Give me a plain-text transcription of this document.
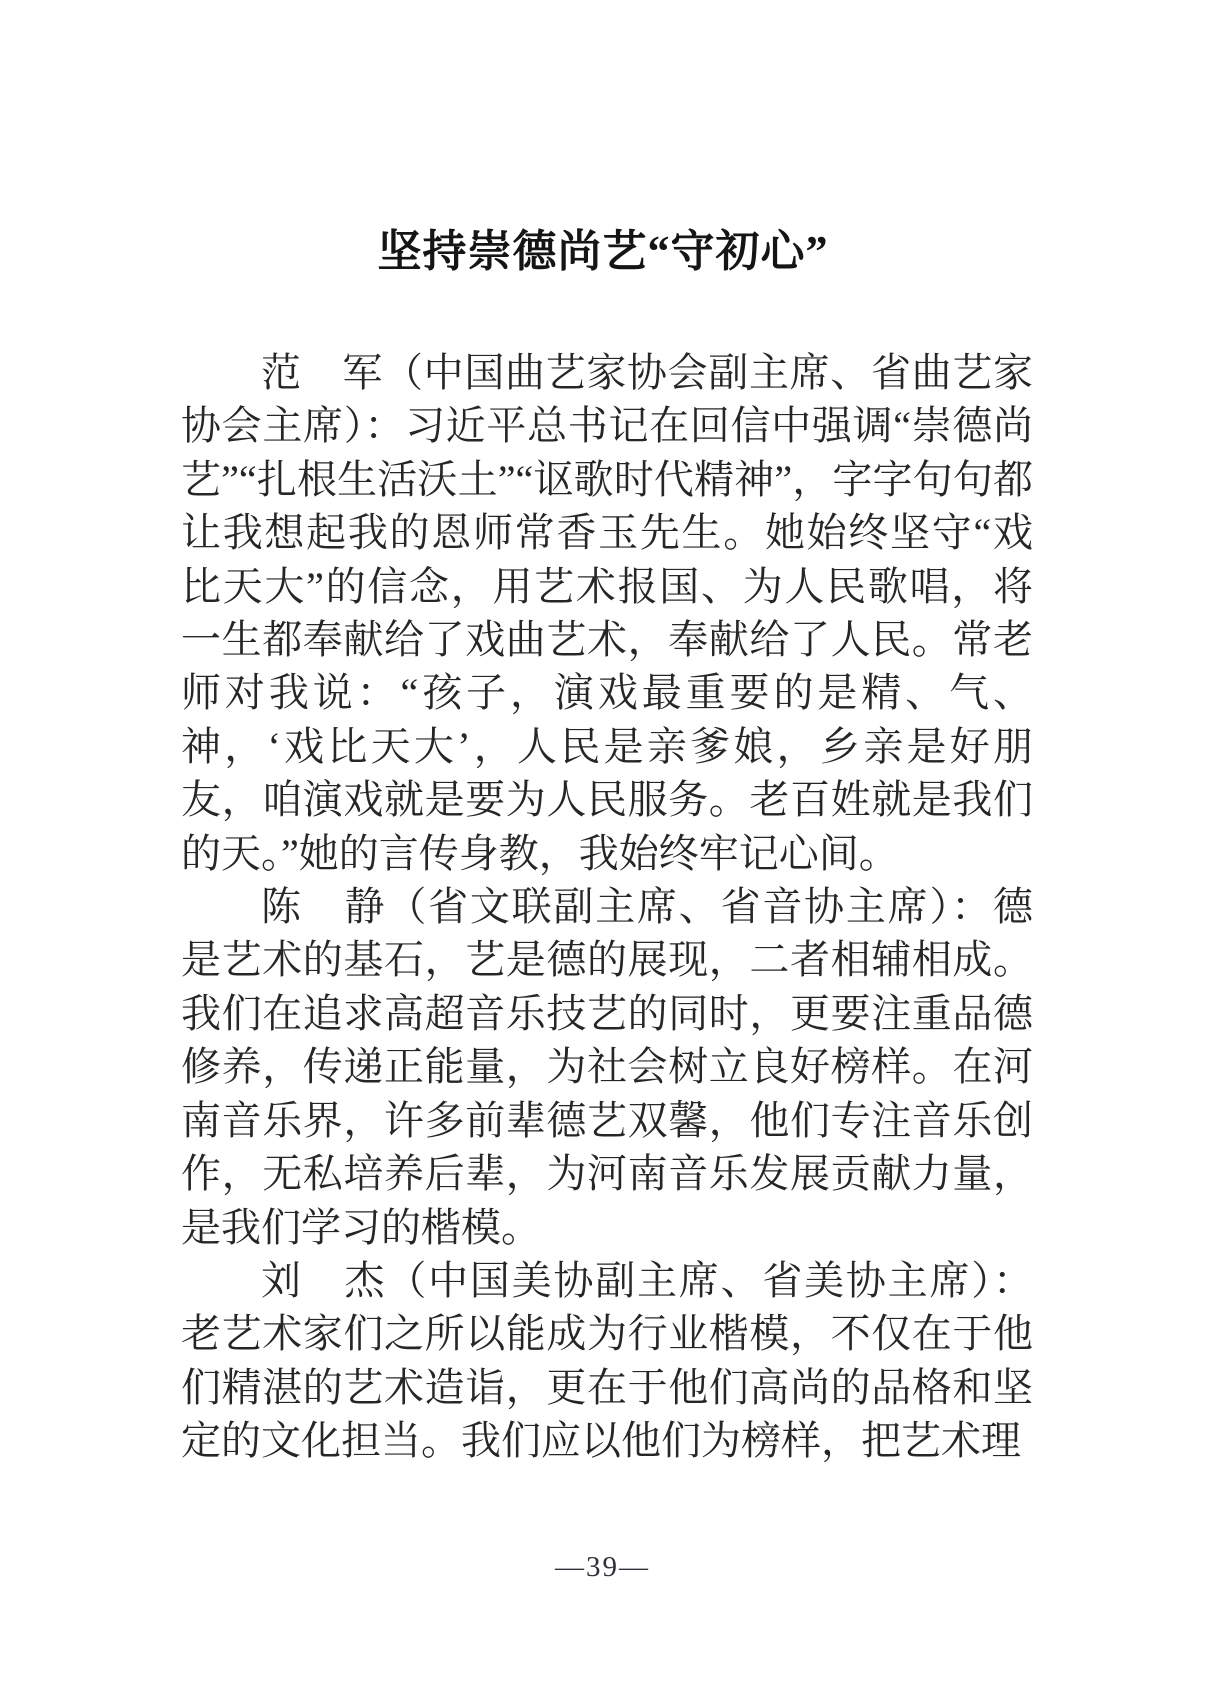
坚持崇德尚艺“守初心”

范　军（中国曲艺家协会副主席、省曲艺家协会主席）：习近平总书记在回信中强调“崇德尚艺”“扎根生活沃土”“讴歌时代精神”，字字句句都让我想起我的恩师常香玉先生。她始终坚守“戏比天大”的信念，用艺术报国、为人民歌唱，将一生都奉献给了戏曲艺术，奉献给了人民。常老师对我说：“孩子，演戏最重要的是精、气、神，‘戏比天大’，人民是亲爹娘，乡亲是好朋友，咱演戏就是要为人民服务。老百姓就是我们的天。”她的言传身教，我始终牢记心间。

陈　静（省文联副主席、省音协主席）：德是艺术的基石，艺是德的展现，二者相辅相成。我们在追求高超音乐技艺的同时，更要注重品德修养，传递正能量，为社会树立良好榜样。在河南音乐界，许多前辈德艺双馨，他们专注音乐创作，无私培养后辈，为河南音乐发展贡献力量，是我们学习的楷模。

刘　杰（中国美协副主席、省美协主席）：老艺术家们之所以能成为行业楷模，不仅在于他们精湛的艺术造诣，更在于他们高尚的品格和坚定的文化担当。我们应以他们为榜样，把艺术理

—39—
